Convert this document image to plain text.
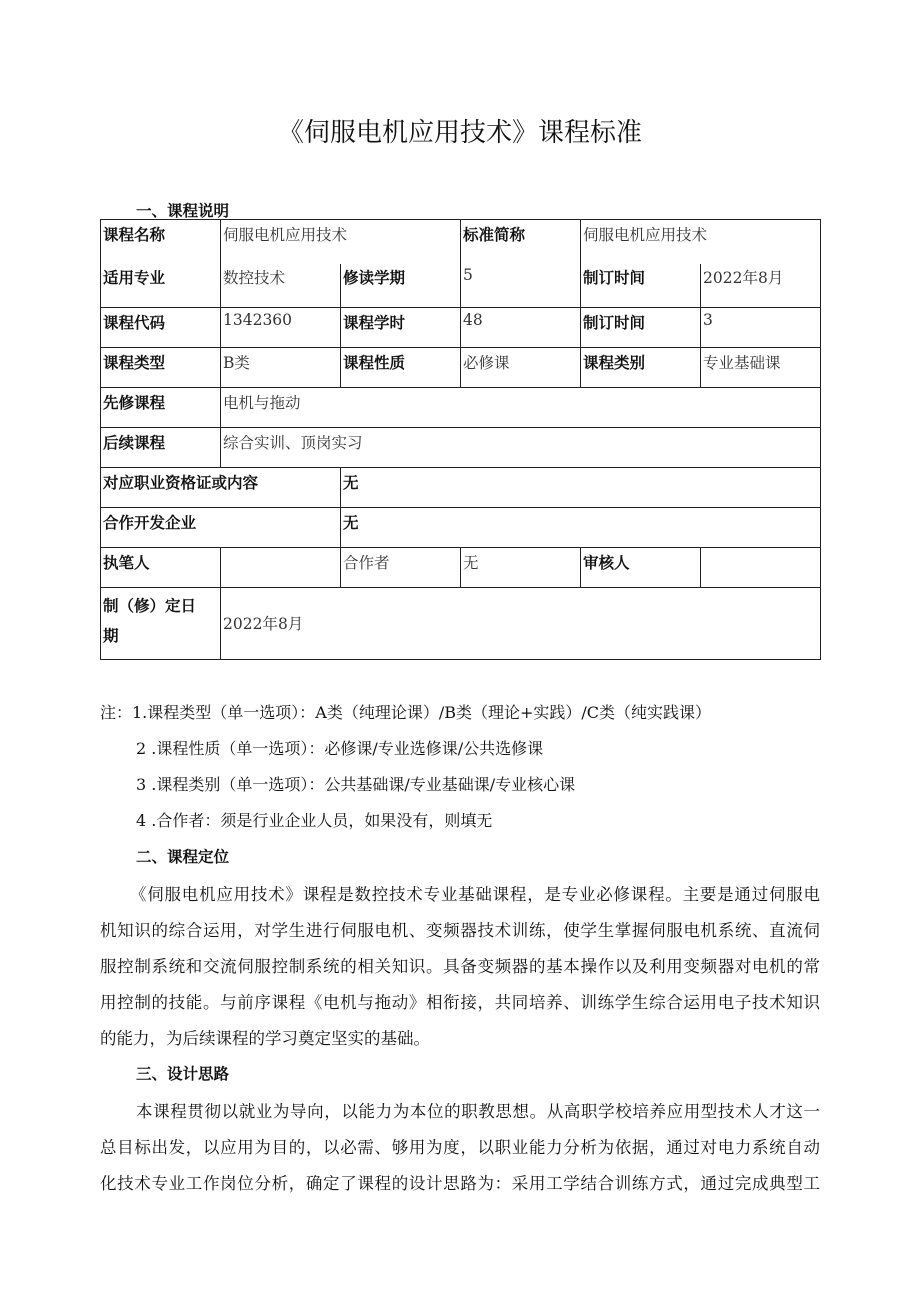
《伺服电机应用技术》课程标准
一、课程说明
课程名称	伺服电机应用技术		标准简称	伺服电机应用技术	
适用专业	数控技术	修读学期	5	制订时间	2022年8月
课程代码	1342360	课程学时	48	制订时间	3
课程类型	B类	课程性质	必修课	课程类别	专业基础课
先修课程	电机与拖动				
后续课程	综合实训、顶岗实习				
对应职业资格证或内容		无			
合作开发企业		无			
执笔人		合作者	无	审核人	
制（修）定日
期	2022年8月				
注：1.课程类型（单一选项）：A类（纯理论课）/B类（理论+实践）/C类（纯实践课）
2 .课程性质（单一选项）：必修课/专业选修课/公共选修课
3 .课程类别（单一选项）：公共基础课/专业基础课/专业核心课
4 .合作者：须是行业企业人员，如果没有，则填无
二、课程定位
《伺服电机应用技术》课程是数控技术专业基础课程，是专业必修课程。主要是通过伺服电
机知识的综合运用，对学生进行伺服电机、变频器技术训练，使学生掌握伺服电机系统、直流伺
服控制系统和交流伺服控制系统的相关知识。具备变频器的基本操作以及利用变频器对电机的常
用控制的技能。与前序课程《电机与拖动》相衔接，共同培养、训练学生综合运用电子技术知识
的能力，为后续课程的学习奠定坚实的基础。
三、设计思路
本课程贯彻以就业为导向，以能力为本位的职教思想。从高职学校培养应用型技术人才这一
总目标出发，以应用为目的，以必需、够用为度，以职业能力分析为依据，通过对电力系统自动
化技术专业工作岗位分析，确定了课程的设计思路为：采用工学结合训练方式，通过完成典型工
